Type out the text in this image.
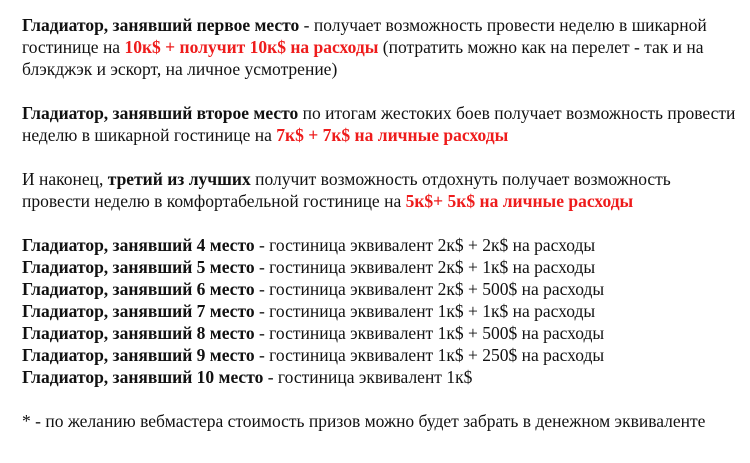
Гладиатор, занявший первое место - получает возможность провести неделю в шикарной гостинице на 10к$ + получит 10к$ на расходы (потратить можно как на перелет - так и на блэкджэк и эскорт, на личное усмотрение)

Гладиатор, занявший второе место по итогам жестоких боев получает возможность провести неделю в шикарной гостинице на 7к$ + 7к$ на личные расходы

И наконец, третий из лучших получит возможность отдохнуть получает возможность провести неделю в комфортабельной гостинице на 5к$+ 5к$ на личные расходы

Гладиатор, занявший 4 место - гостиница эквивалент 2к$ + 2к$ на расходы

Гладиатор, занявший 5 место - гостиница эквивалент 2к$ + 1к$ на расходы

Гладиатор, занявший 6 место - гостиница эквивалент 2к$ + 500$ на расходы

Гладиатор, занявший 7 место - гостиница эквивалент 1к$ + 1к$ на расходы

Гладиатор, занявший 8 место - гостиница эквивалент 1к$ + 500$ на расходы

Гладиатор, занявший 9 место - гостиница эквивалент 1к$ + 250$ на расходы

Гладиатор, занявший 10 место - гостиница эквивалент 1к$

* - по желанию вебмастера стоимость призов можно будет забрать в денежном эквиваленте
